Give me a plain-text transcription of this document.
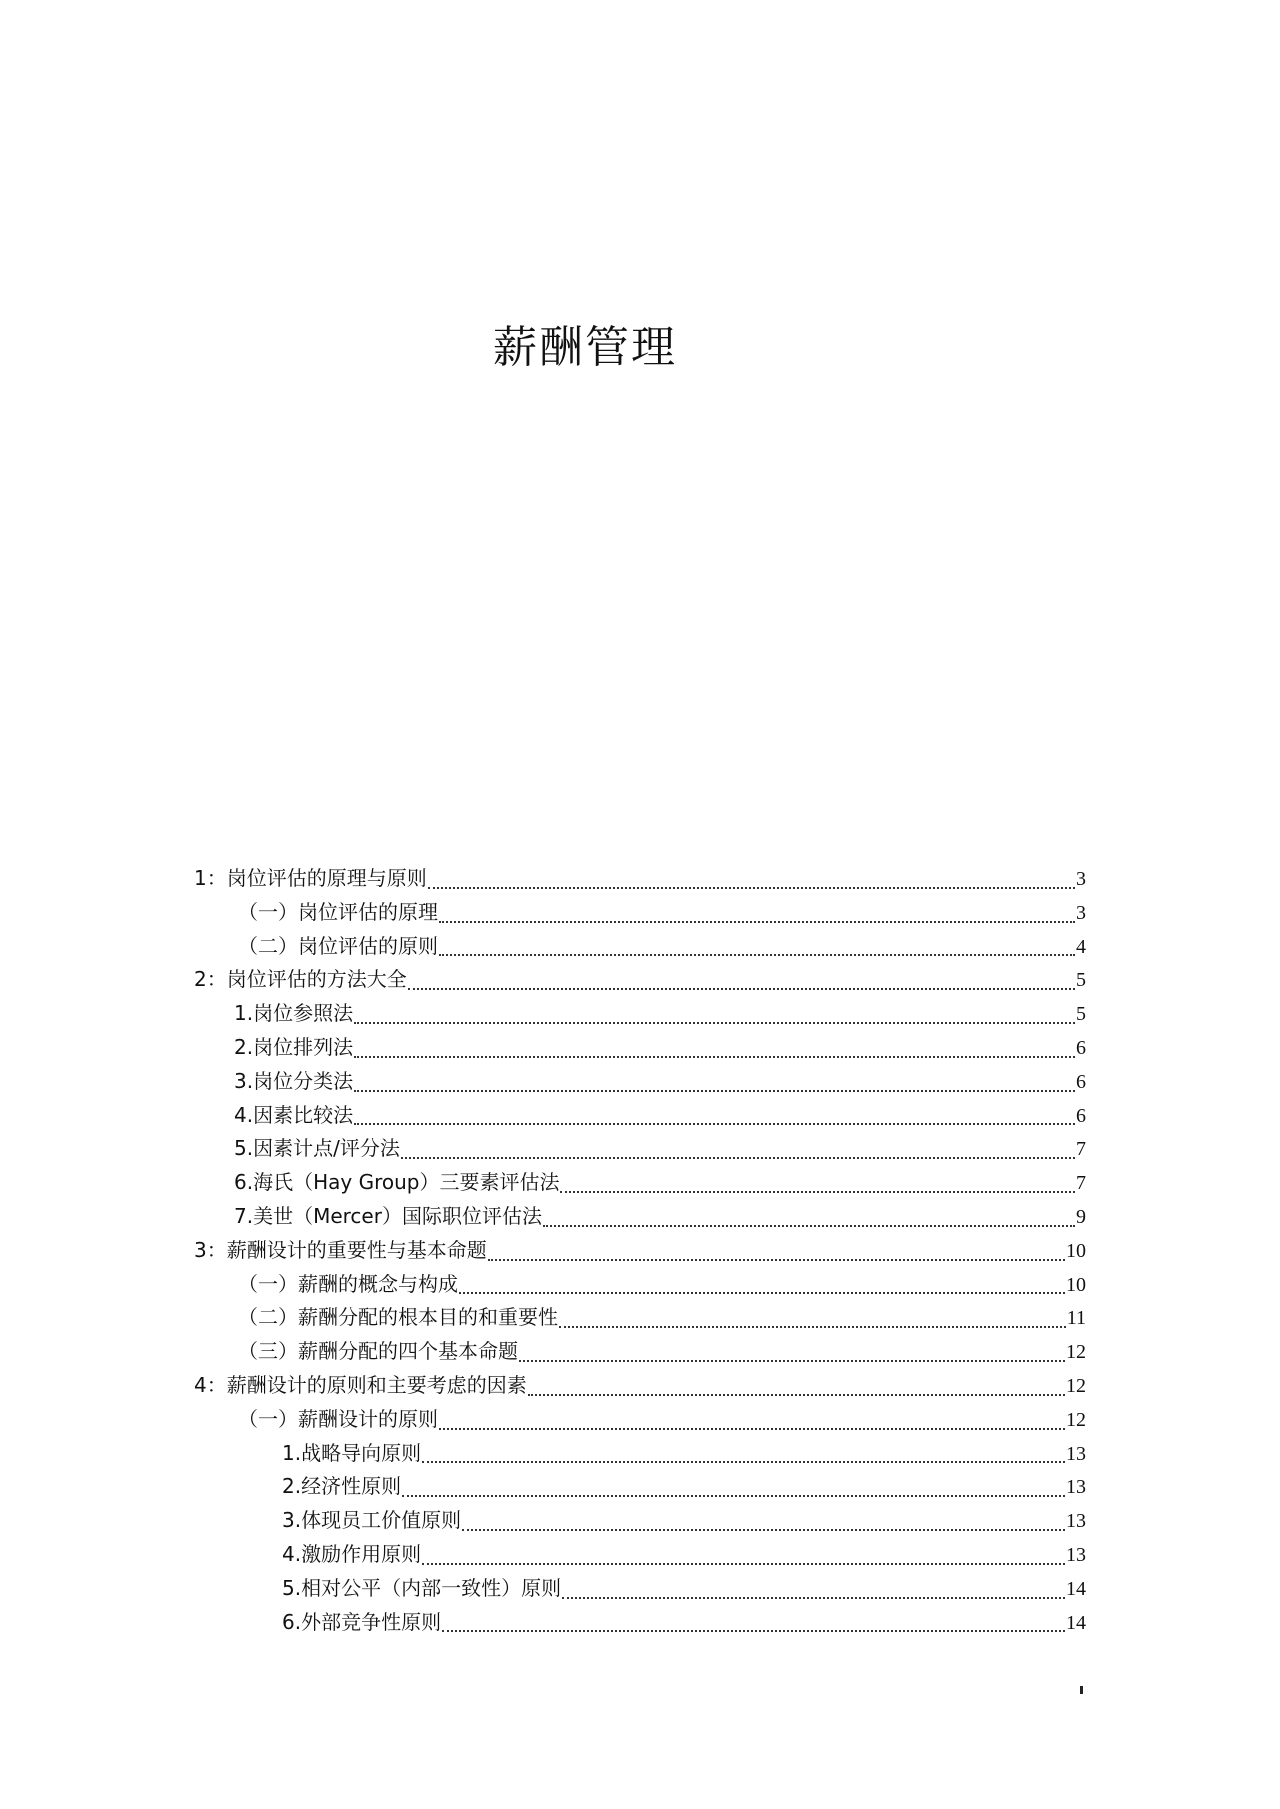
薪酬管理
1：岗位评估的原理与原则	3
（一）岗位评估的原理	3
（二）岗位评估的原则	4
2：岗位评估的方法大全	5
1.岗位参照法	5
2.岗位排列法	6
3.岗位分类法	6
4.因素比较法	6
5.因素计点/评分法	7
6.海氏（Hay Group）三要素评估法	7
7.美世（Mercer）国际职位评估法	9
3：薪酬设计的重要性与基本命题	10
（一）薪酬的概念与构成	10
（二）薪酬分配的根本目的和重要性	11
（三）薪酬分配的四个基本命题	12
4：薪酬设计的原则和主要考虑的因素	12
（一）薪酬设计的原则	12
1.战略导向原则	13
2.经济性原则	13
3.体现员工价值原则	13
4.激励作用原则	13
5.相对公平（内部一致性）原则	14
6.外部竞争性原则	14
